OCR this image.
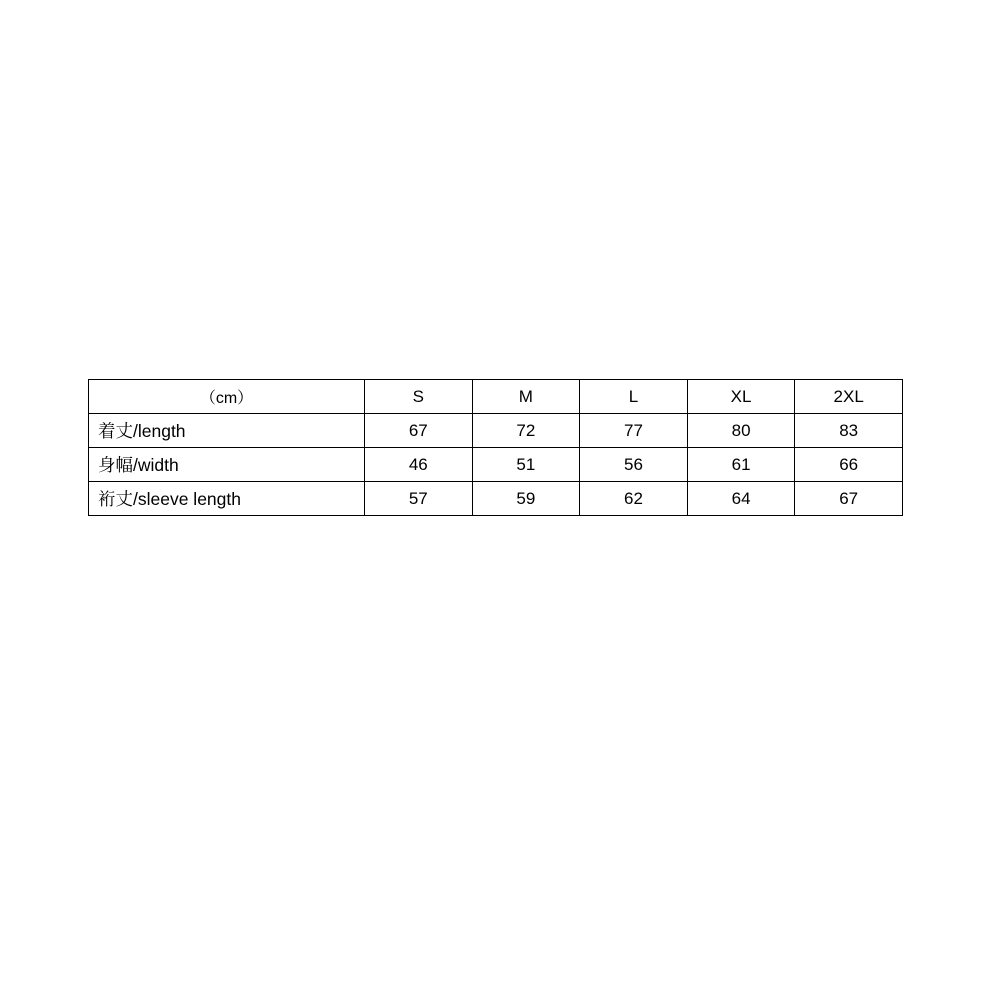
（cm）	S	M	L	XL	2XL
着丈/length	67	72	77	80	83
身幅/width	46	51	56	61	66
裄丈/sleeve length	57	59	62	64	67
